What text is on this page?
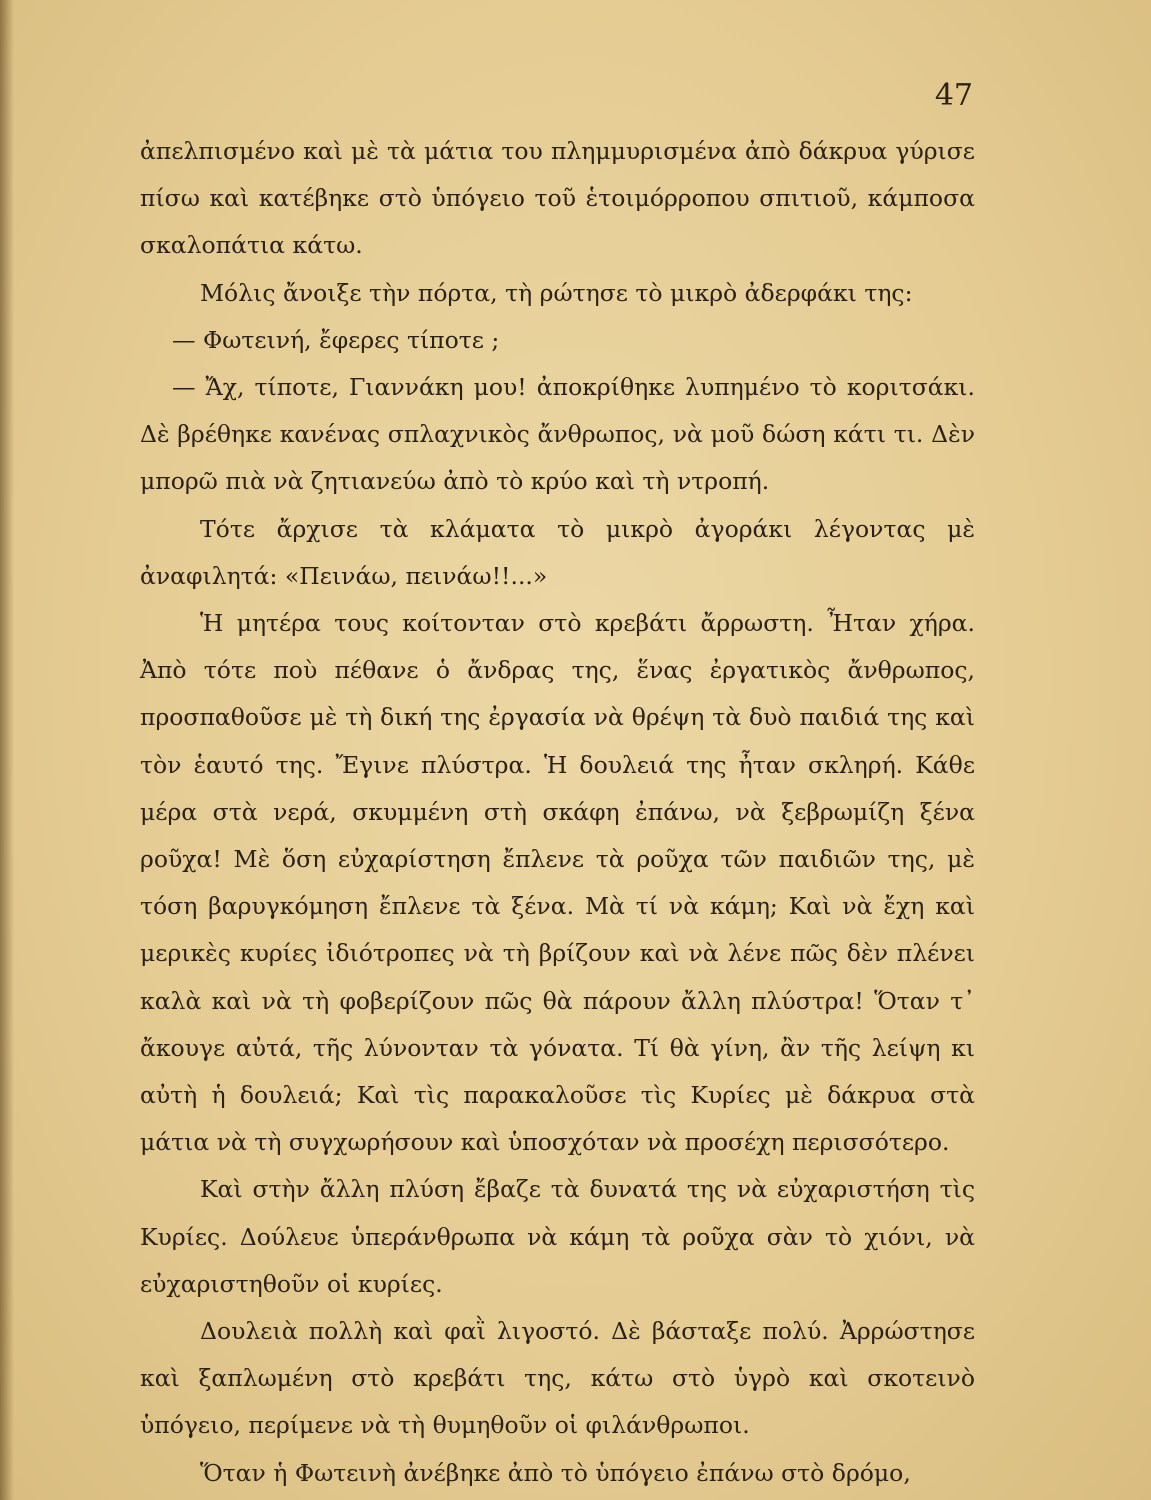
47

ἀπελπισμένο καὶ μὲ τὰ μάτια του πλημμυρισμένα ἀπὸ δάκρυα γύρισε πίσω καὶ κατέβηκε στὸ ὑπόγειο τοῦ ἑτοιμόρροπου σπιτιοῦ, κάμποσα σκαλοπάτια κάτω.

Μόλις ἄνοιξε τὴν πόρτα, τὴ ρώτησε τὸ μικρὸ ἀδερφάκι της:

— Φωτεινή, ἔφερες τίποτε ;

— Ἄχ, τίποτε, Γιαννάκη μου! ἀποκρίθηκε λυπημένο τὸ κοριτσάκι. Δὲ βρέθηκε κανένας σπλαχνικὸς ἄνθρωπος, νὰ μοῦ δώση κάτι τι. Δὲν μπορῶ πιὰ νὰ ζητιανεύω ἀπὸ τὸ κρύο καὶ τὴ ντροπή.

Τότε ἄρχισε τὰ κλάματα τὸ μικρὸ ἀγοράκι λέγοντας μὲ ἀναφιλητά: «Πεινάω, πεινάω!!...»

Ἡ μητέρα τους κοίτονταν στὸ κρεβάτι ἄρρωστη. Ἦταν χήρα. Ἀπὸ τότε ποὺ πέθανε ὁ ἄνδρας της, ἕνας ἐργατικὸς ἄνθρωπος, προσπαθοῦσε μὲ τὴ δική της ἐργασία νὰ θρέψη τὰ δυὸ παιδιά της καὶ τὸν ἑαυτό της. Ἔγινε πλύστρα. Ἡ δουλειά της ἦταν σκληρή. Κάθε μέρα στὰ νερά, σκυμμένη στὴ σκάφη ἐπάνω, νὰ ξεβρωμίζη ξένα ροῦχα! Μὲ ὅση εὐχαρίστηση ἔπλενε τὰ ροῦχα τῶν παιδιῶν της, μὲ τόση βαρυγκόμηση ἔπλενε τὰ ξένα. Μὰ τί νὰ κάμη; Καὶ νὰ ἔχη καὶ μερικὲς κυρίες ἰδιότροπες νὰ τὴ βρίζουν καὶ νὰ λένε πῶς δὲν πλένει καλὰ καὶ νὰ τὴ φοβερίζουν πῶς θὰ πάρουν ἄλλη πλύστρα! Ὅταν τ᾿ ἄκουγε αὐτά, τῆς λύνονταν τὰ γόνατα. Τί θὰ γίνη, ἂν τῆς λείψη κι αὐτὴ ἡ δουλειά; Καὶ τὶς παρακαλοῦσε τὶς Κυρίες μὲ δάκρυα στὰ μάτια νὰ τὴ συγχωρήσουν καὶ ὑποσχόταν νὰ προσέχη περισσότερο.

Καὶ στὴν ἄλλη πλύση ἔβαζε τὰ δυνατά της νὰ εὐχαριστήση τὶς Κυρίες. Δούλευε ὑπεράνθρωπα νὰ κάμη τὰ ροῦχα σὰν τὸ χιόνι, νὰ εὐχαριστηθοῦν οἱ κυρίες.

Δουλειὰ πολλὴ καὶ φαῒ λιγοστό. Δὲ βάσταξε πολύ. Ἀρρώστησε καὶ ξαπλωμένη στὸ κρεβάτι της, κάτω στὸ ὑγρὸ καὶ σκοτεινὸ ὑπόγειο, περίμενε νὰ τὴ θυμηθοῦν οἱ φιλάνθρωποι.

Ὅταν ἡ Φωτεινὴ ἀνέβηκε ἀπὸ τὸ ὑπόγειο ἐπάνω στὸ δρόμο,
